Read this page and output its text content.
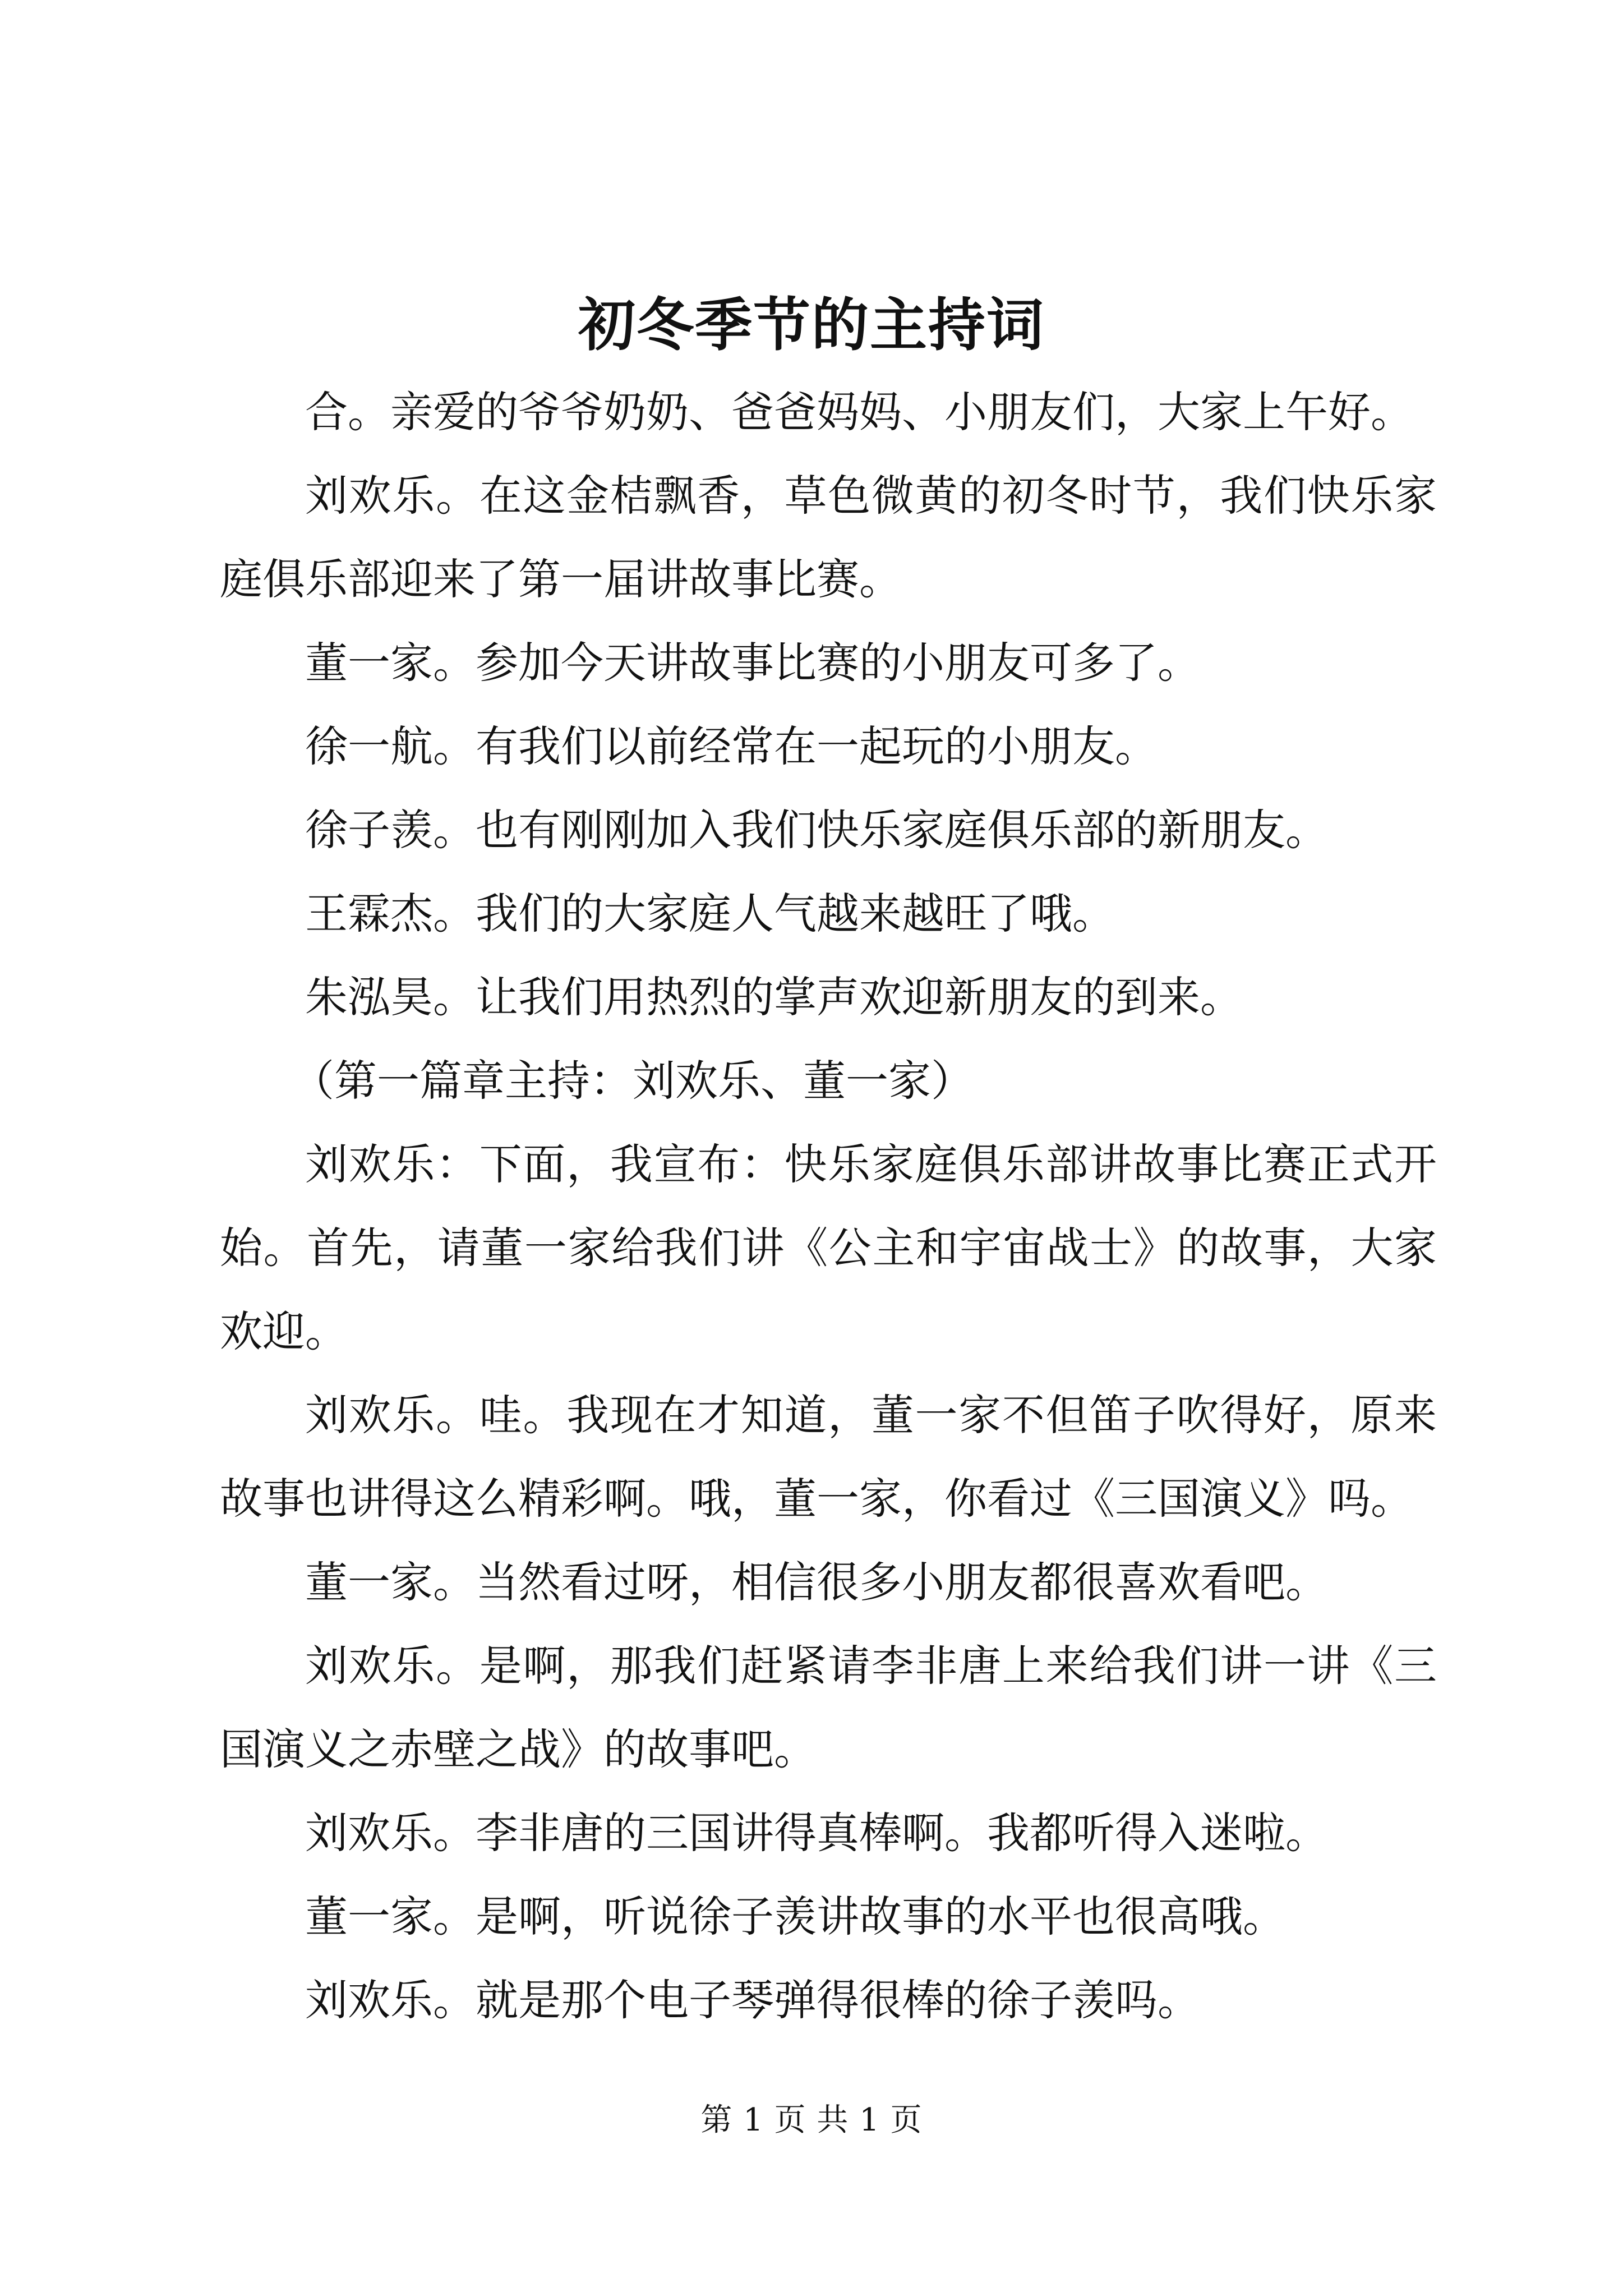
初冬季节的主持词

合。亲爱的爷爷奶奶、爸爸妈妈、小朋友们，大家上午好。

刘欢乐。在这金桔飘香，草色微黄的初冬时节，我们快乐家庭俱乐部迎来了第一届讲故事比赛。

董一家。参加今天讲故事比赛的小朋友可多了。

徐一航。有我们以前经常在一起玩的小朋友。

徐子羡。也有刚刚加入我们快乐家庭俱乐部的新朋友。

王霖杰。我们的大家庭人气越来越旺了哦。

朱泓昊。让我们用热烈的掌声欢迎新朋友的到来。

（第一篇章主持：刘欢乐、董一家）

刘欢乐：下面，我宣布：快乐家庭俱乐部讲故事比赛正式开始。首先，请董一家给我们讲《公主和宇宙战士》的故事，大家欢迎。

刘欢乐。哇。我现在才知道，董一家不但笛子吹得好，原来故事也讲得这么精彩啊。哦，董一家，你看过《三国演义》吗。

董一家。当然看过呀，相信很多小朋友都很喜欢看吧。

刘欢乐。是啊，那我们赶紧请李非唐上来给我们讲一讲《三国演义之赤壁之战》的故事吧。

刘欢乐。李非唐的三国讲得真棒啊。我都听得入迷啦。

董一家。是啊，听说徐子羡讲故事的水平也很高哦。

刘欢乐。就是那个电子琴弹得很棒的徐子羡吗。

第 1 页 共 1 页
